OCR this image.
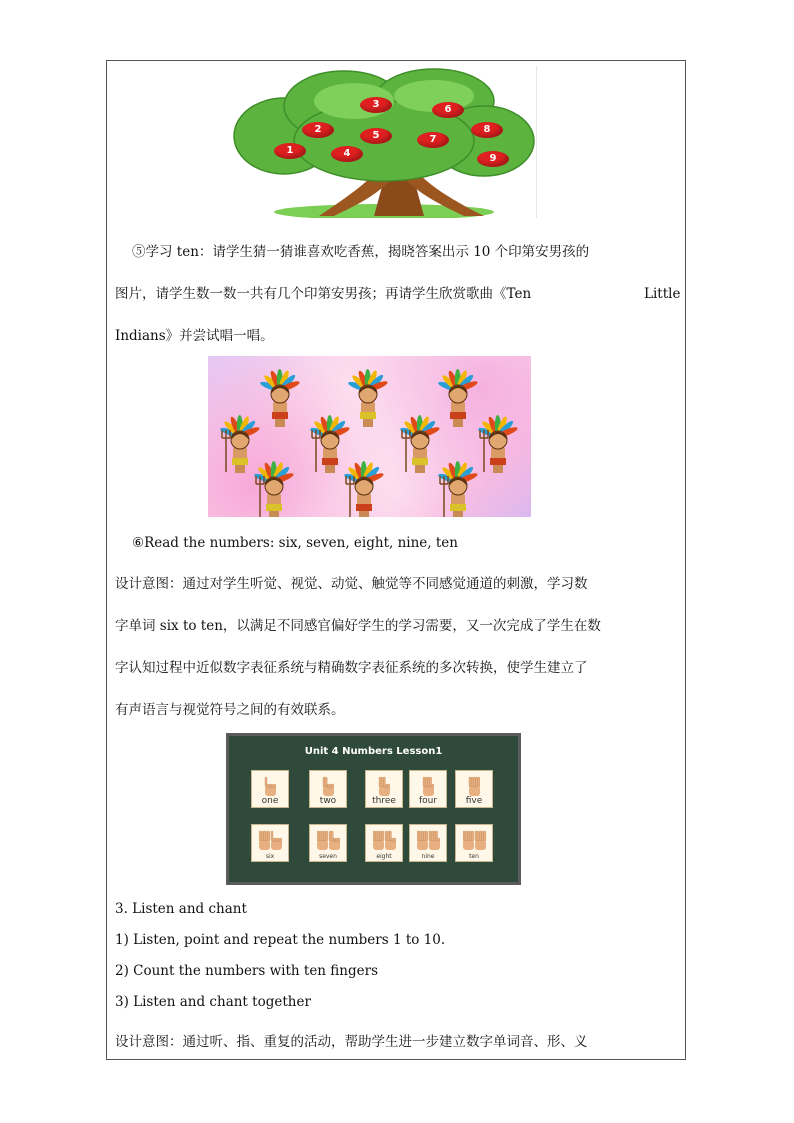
1
2
3
4
5
6
7
8
9
⑤学习 ten：请学生猜一猜谁喜欢吃香蕉，揭晓答案出示 10 个印第安男孩的
图片，请学生数一数一共有几个印第安男孩；再请学生欣赏歌曲《Ten	Little
Indians》并尝试唱一唱。
⑥Read the numbers: six, seven, eight, nine, ten
设计意图：通过对学生听觉、视觉、动觉、触觉等不同感觉通道的刺激，学习数
字单词 six to ten，以满足不同感官偏好学生的学习需要，又一次完成了学生在数
字认知过程中近似数字表征系统与精确数字表征系统的多次转换，使学生建立了
有声语言与视觉符号之间的有效联系。
Unit 4 Numbers Lesson1
one	two	three	four	five
six	seven	eight	nine	ten
3. Listen and chant
1) Listen, point and repeat the numbers 1 to 10.
2) Count the numbers with ten fingers
3) Listen and chant together
设计意图：通过听、指、重复的活动，帮助学生进一步建立数字单词音、形、义
